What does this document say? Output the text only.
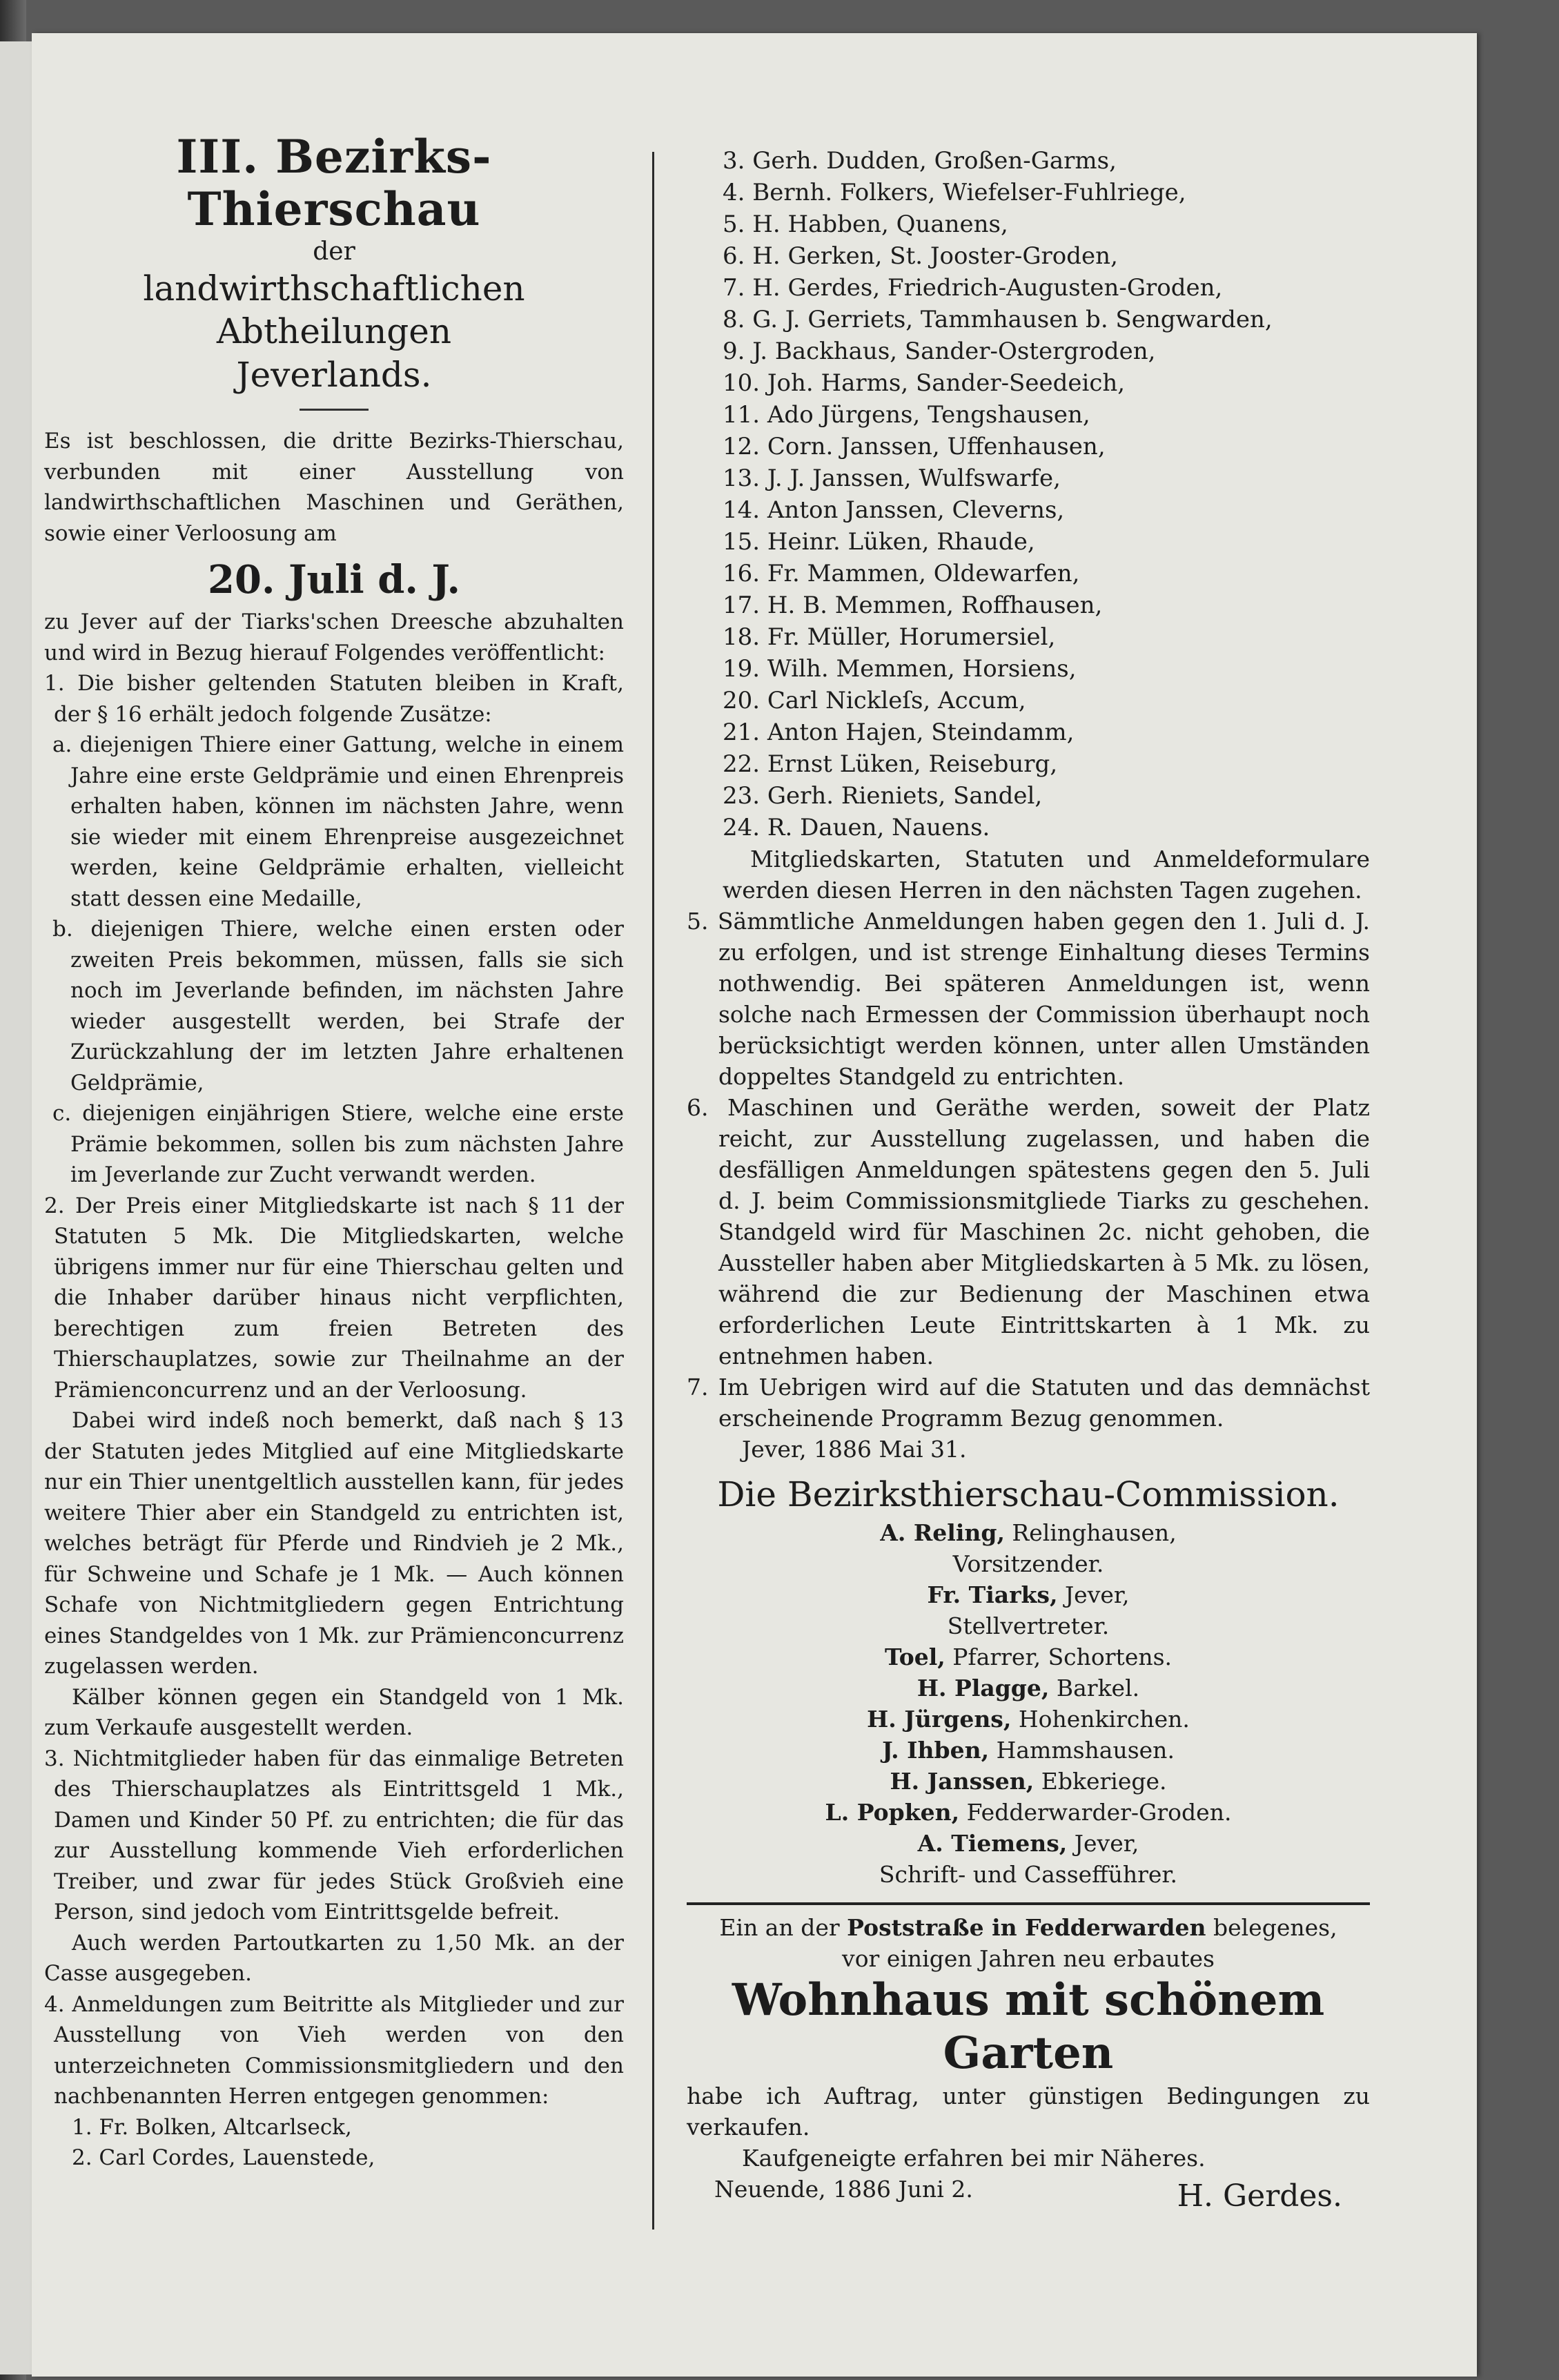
III. Bezirks-Thierschau
der
landwirthschaftlichen Abtheilungen
Jeverlands.

Es ist beschlossen, die dritte Bezirks-Thierschau, verbunden mit einer Ausstellung von landwirthschaftlichen Maschinen und Geräthen, sowie einer Verloosung am

20. Juli d. J.

zu Jever auf der Tiarks'schen Dreesche abzuhalten und wird in Bezug hierauf Folgendes veröffentlicht:

1. Die bisher geltenden Statuten bleiben in Kraft, der § 16 erhält jedoch folgende Zusätze:

a. diejenigen Thiere einer Gattung, welche in einem Jahre eine erste Geldprämie und einen Ehrenpreis erhalten haben, können im nächsten Jahre, wenn sie wieder mit einem Ehrenpreise ausgezeichnet werden, keine Geldprämie erhalten, vielleicht statt dessen eine Medaille,

b. diejenigen Thiere, welche einen ersten oder zweiten Preis bekommen, müssen, falls sie sich noch im Jeverlande befinden, im nächsten Jahre wieder ausgestellt werden, bei Strafe der Zurückzahlung der im letzten Jahre erhaltenen Geldprämie,

c. diejenigen einjährigen Stiere, welche eine erste Prämie bekommen, sollen bis zum nächsten Jahre im Jeverlande zur Zucht verwandt werden.

2. Der Preis einer Mitgliedskarte ist nach § 11 der Statuten 5 Mk. Die Mitgliedskarten, welche übrigens immer nur für eine Thierschau gelten und die Inhaber darüber hinaus nicht verpflichten, berechtigen zum freien Betreten des Thierschauplatzes, sowie zur Theilnahme an der Prämienconcurrenz und an der Verloosung.

Dabei wird indeß noch bemerkt, daß nach § 13 der Statuten jedes Mitglied auf eine Mitgliedskarte nur ein Thier unentgeltlich ausstellen kann, für jedes weitere Thier aber ein Standgeld zu entrichten ist, welches beträgt für Pferde und Rindvieh je 2 Mk., für Schweine und Schafe je 1 Mk. — Auch können Schafe von Nichtmitgliedern gegen Entrichtung eines Standgeldes von 1 Mk. zur Prämienconcurrenz zugelassen werden.

Kälber können gegen ein Standgeld von 1 Mk. zum Verkaufe ausgestellt werden.

3. Nichtmitglieder haben für das einmalige Betreten des Thierschauplatzes als Eintrittsgeld 1 Mk., Damen und Kinder 50 Pf. zu entrichten; die für das zur Ausstellung kommende Vieh erforderlichen Treiber, und zwar für jedes Stück Großvieh eine Person, sind jedoch vom Eintrittsgelde befreit.

Auch werden Partoutkarten zu 1,50 Mk. an der Casse ausgegeben.

4. Anmeldungen zum Beitritte als Mitglieder und zur Ausstellung von Vieh werden von den unterzeichneten Commissionsmitgliedern und den nachbenannten Herren entgegen genommen:

1. Fr. Bolken, Altcarlseck,

2. Carl Cordes, Lauenstede,

3. Gerh. Dudden, Großen-Garms,

4. Bernh. Folkers, Wiefelser-Fuhlriege,

5. H. Habben, Quanens,

6. H. Gerken, St. Jooster-Groden,

7. H. Gerdes, Friedrich-Augusten-Groden,

8. G. J. Gerriets, Tammhausen b. Sengwarden,

9. J. Backhaus, Sander-Ostergroden,

10. Joh. Harms, Sander-Seedeich,

11. Ado Jürgens, Tengshausen,

12. Corn. Janssen, Uffenhausen,

13. J. J. Janssen, Wulfswarfe,

14. Anton Janssen, Cleverns,

15. Heinr. Lüken, Rhaude,

16. Fr. Mammen, Oldewarfen,

17. H. B. Memmen, Roffhausen,

18. Fr. Müller, Horumersiel,

19. Wilh. Memmen, Horsiens,

20. Carl Nickleſs, Accum,

21. Anton Hajen, Steindamm,

22. Ernst Lüken, Reiseburg,

23. Gerh. Rieniets, Sandel,

24. R. Dauen, Nauens.

Mitgliedskarten, Statuten und Anmeldeformulare werden diesen Herren in den nächsten Tagen zugehen.

5. Sämmtliche Anmeldungen haben gegen den 1. Juli d. J. zu erfolgen, und ist strenge Einhaltung dieses Termins nothwendig. Bei späteren Anmeldungen ist, wenn solche nach Ermessen der Commission überhaupt noch berücksichtigt werden können, unter allen Umständen doppeltes Standgeld zu entrichten.

6. Maschinen und Geräthe werden, soweit der Platz reicht, zur Ausstellung zugelassen, und haben die desfälligen Anmeldungen spätestens gegen den 5. Juli d. J. beim Commissionsmitgliede Tiarks zu geschehen. Standgeld wird für Maschinen 2c. nicht gehoben, die Aussteller haben aber Mitgliedskarten à 5 Mk. zu lösen, während die zur Bedienung der Maschinen etwa erforderlichen Leute Eintrittskarten à 1 Mk. zu entnehmen haben.

7. Im Uebrigen wird auf die Statuten und das demnächst erscheinende Programm Bezug genommen.

Jever, 1886 Mai 31.

Die Bezirksthierschau-Commission.
A. Reling, Relinghausen,
Vorsitzender.
Fr. Tiarks, Jever,
Stellvertreter.
Toel, Pfarrer, Schortens.
H. Plagge, Barkel.
H. Jürgens, Hohenkirchen.
J. Ihben, Hammshausen.
H. Janssen, Ebkeriege.
L. Popken, Fedderwarder-Groden.
A. Tiemens, Jever,
Schrift- und Cassefführer.
Ein an der Poststraße in Fedderwarden belegenes,
vor einigen Jahren neu erbautes
Wohnhaus mit schönem Garten

habe ich Auftrag, unter günstigen Bedingungen zu verkaufen.

Kaufgeneigte erfahren bei mir Näheres.

Neuende, 1886 Juni 2.	H. Gerdes.
